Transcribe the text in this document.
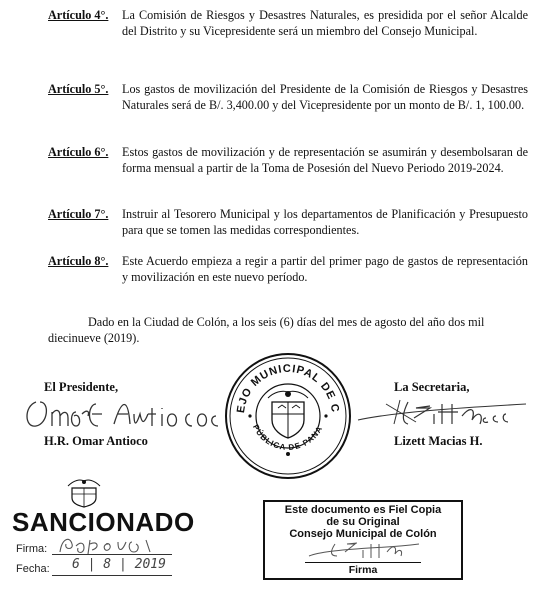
Artículo 4°. La Comisión de Riesgos y Desastres Naturales, es presidida por el señor Alcalde del Distrito y su Vicepresidente será un miembro del Consejo Municipal.
Artículo 5°. Los gastos de movilización del Presidente de la Comisión de Riesgos y Desastres Naturales será de B/. 3,400.00 y del Vicepresidente por un monto de B/. 1, 100.00.
Artículo 6°. Estos gastos de movilización y de representación se asumirán y desembolsaran de forma mensual a partir de la Toma de Posesión del Nuevo Periodo 2019-2024.
Artículo 7°. Instruir al Tesorero Municipal y los departamentos de Planificación y Presupuesto para que se tomen las medidas correspondientes.
Artículo 8°. Este Acuerdo empieza a regir a partir del primer pago de gastos de representación y movilización en este nuevo período.
Dado en la Ciudad de Colón, a los seis (6) días del mes de agosto del año dos mil diecinueve (2019).
El Presidente,
H.R. Omar Antioco
La Secretaria,
Lizett Macias H.
EJO MUNICIPAL DE C
PÚBLICA DE PANA
SANCIONADO
Firma:
Fecha: 6 | 8 | 2019
Este documento es Fiel Copia
de su Original
Consejo Municipal de Colón
Firma
